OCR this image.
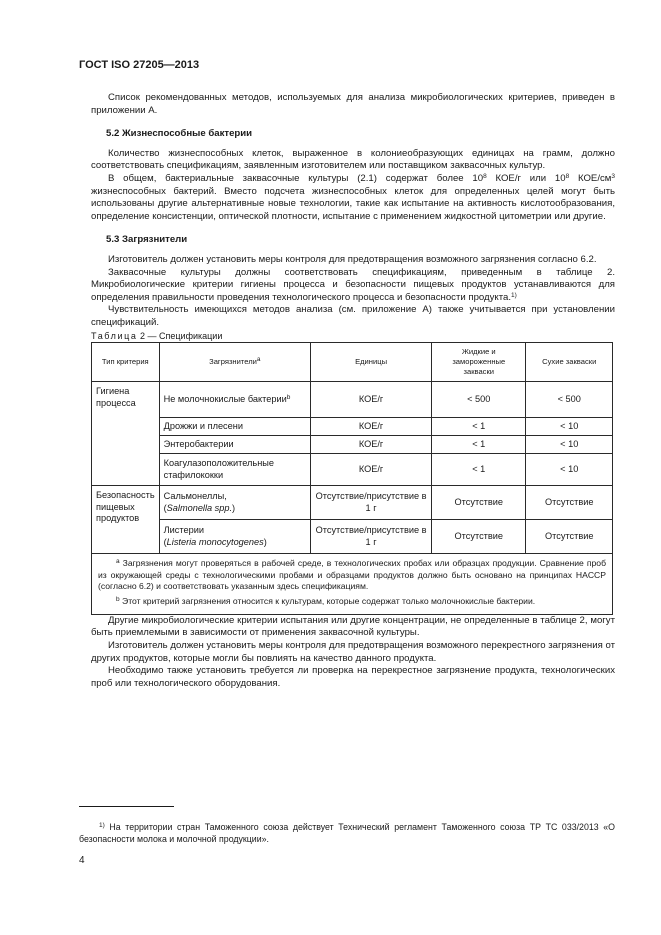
ГОСТ ISO 27205—2013

Список рекомендованных методов, используемых для анализа микробиологических критериев, приведен в приложении А.

5.2 Жизнеспособные бактерии

Количество жизнеспособных клеток, выраженное в колониеобразующих единицах на грамм, должно соответствовать спецификациям, заявленным изготовителем или поставщиком заквасочных культур.

В общем, бактериальные заквасочные культуры (2.1) содержат более $10^8$ КОЕ/г или $10^8$ КОЕ/$см^3$ жизнеспособных бактерий. Вместо подсчета жизнеспособных клеток для определенных целей могут быть использованы другие альтернативные новые технологии, такие как испытание на активность кислотообразования, определение консистенции, оптической плотности, испытание с применением жидкостной цитометрии или другие.

5.3 Загрязнители

Изготовитель должен установить меры контроля для предотвращения возможного загрязнения согласно 6.2.

Заквасочные культуры должны соответствовать спецификациям, приведенным в таблице 2. Микробиологические критерии гигиены процесса и безопасности пищевых продуктов устанавливаются для определения правильности проведения технологического процесса и безопасности продукта.$^{1)}$

Чувствительность имеющихся методов анализа (см. приложение А) также учитывается при установлении спецификаций.

Таблица 2 — Спецификации

Тип критерия	Загрязнители$^a$	Единицы	Жидкие и замороженные закваски	Сухие закваски
Гигиена процесса	Не молочнокислые бактерии$^b$	КОЕ/г	< 500	< 500
	Дрожжи и плесени	КОЕ/г	< 1	< 10
	Энтеробактерии	КОЕ/г	< 1	< 10
	Коагулазоположительные стафилококки	КОЕ/г	< 1	< 10
Безопасность пищевых продуктов	Сальмонеллы,
(Salmonella spp.)	Отсутствие/присутствие в 1 г	Отсутствие	Отсутствие
	Листерии
(Listeria monocytogenes)	Отсутствие/присутствие в 1 г	Отсутствие	Отсутствие

$^a$ Загрязнения могут проверяться в рабочей среде, в технологических пробах или образцах продукции. Сравнение проб из окружающей среды с технологическими пробами и образцами продуктов должно быть основано на принципах HACCP (согласно 6.2) и соответствовать указанным здесь спецификациям.

$^b$ Этот критерий загрязнения относится к культурам, которые содержат только молочнокислые бактерии.				

Другие микробиологические критерии испытания или другие концентрации, не определенные в таблице 2, могут быть приемлемыми в зависимости от применения заквасочной культуры.

Изготовитель должен установить меры контроля для предотвращения возможного перекрестного загрязнения от других продуктов, которые могли бы повлиять на качество данного продукта.

Необходимо также установить требуется ли проверка на перекрестное загрязнение продукта, технологических проб или технологического оборудования.

$^{1)}$ На территории стран Таможенного союза действует Технический регламент Таможенного союза ТР ТС 033/2013 «О безопасности молока и молочной продукции».

4
